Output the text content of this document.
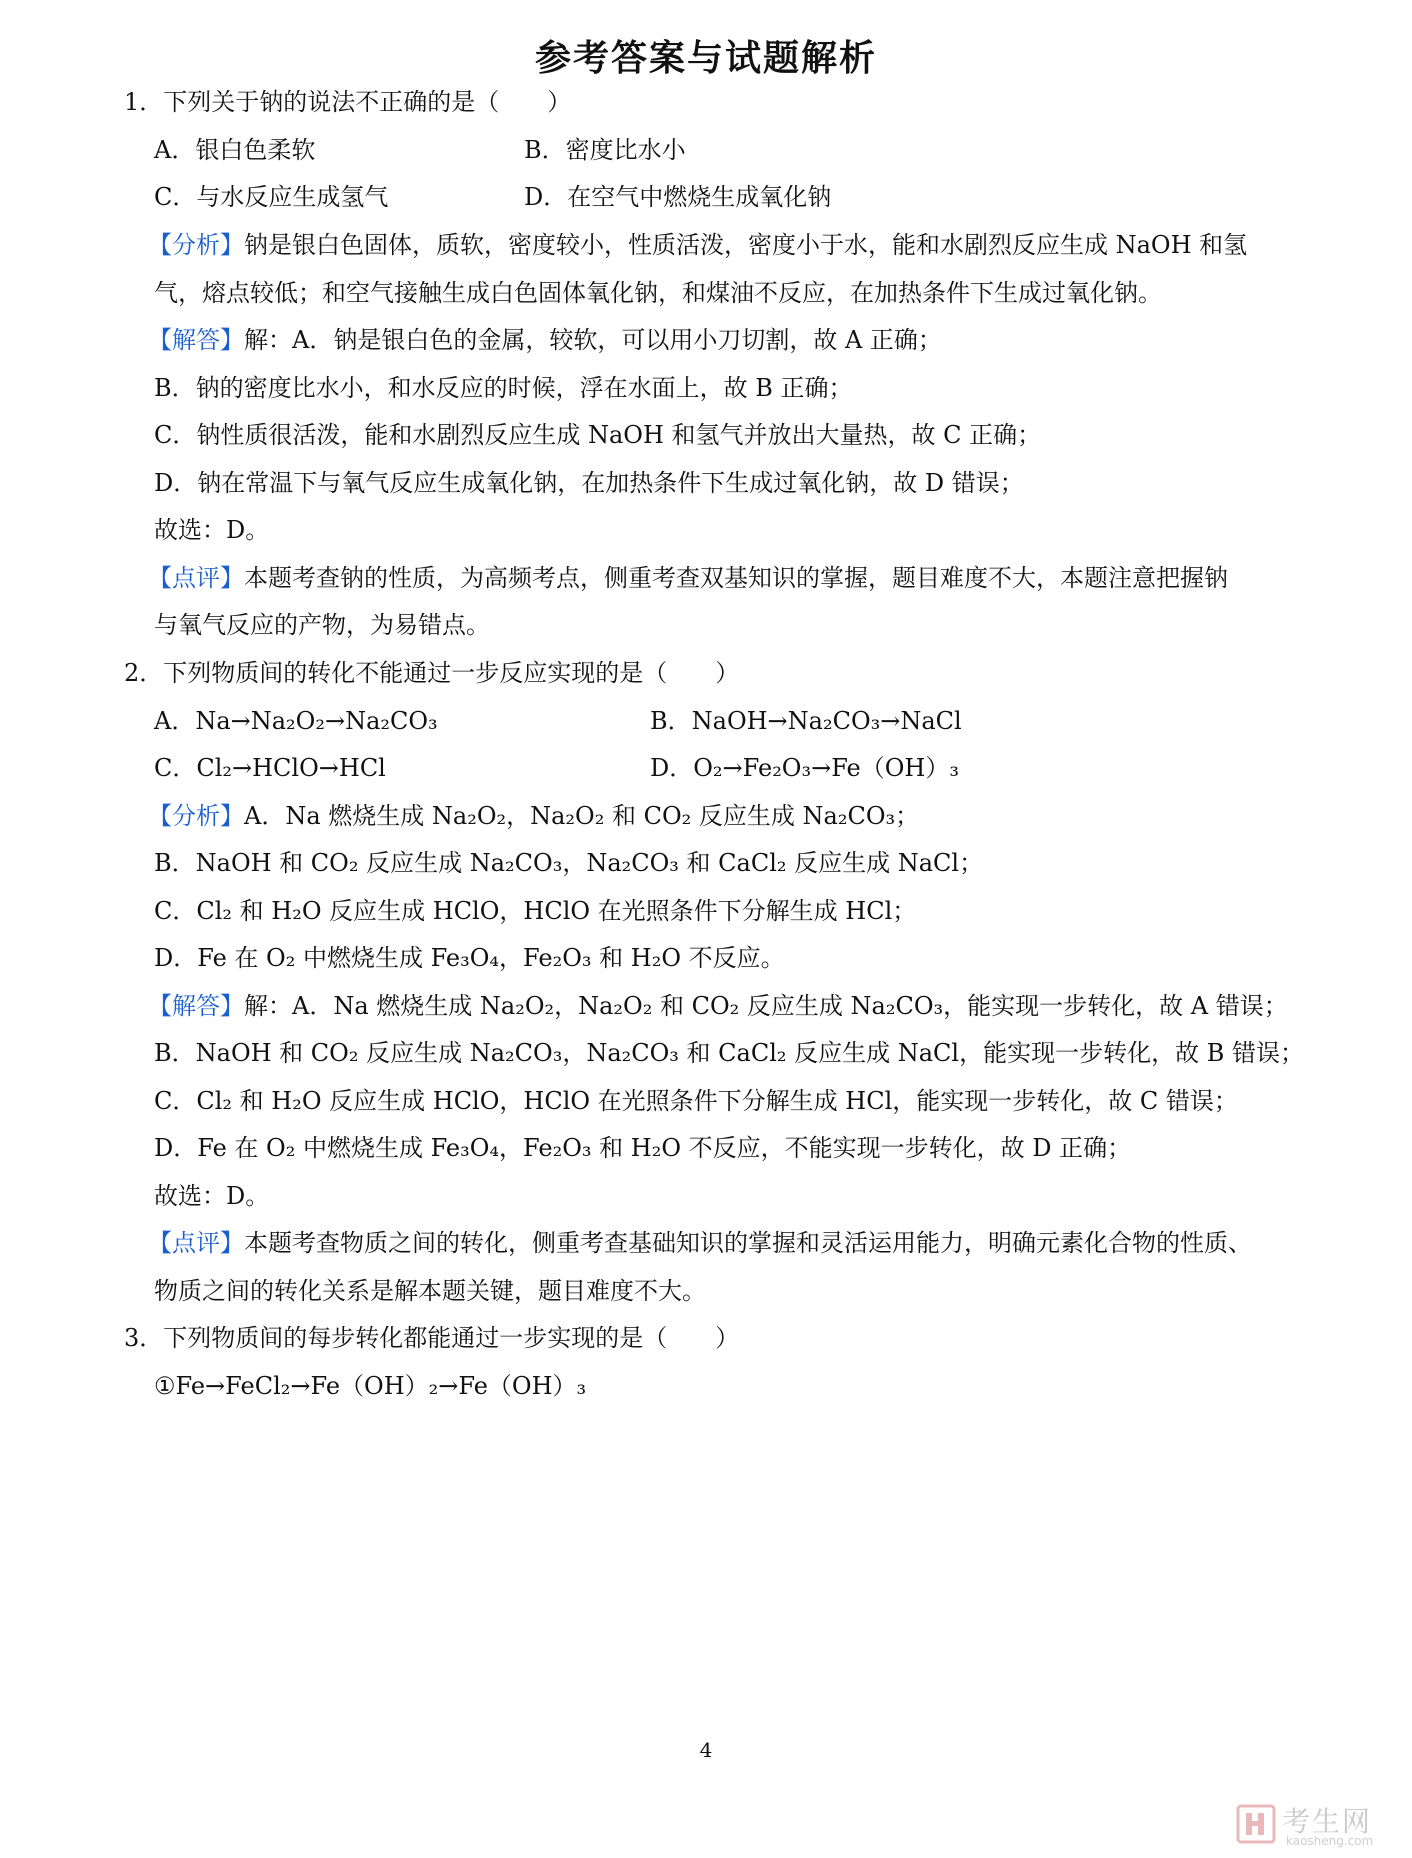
参考答案与试题解析
1．下列关于钠的说法不正确的是（　　）
A．银白色柔软	B．密度比水小
C．与水反应生成氢气	D．在空气中燃烧生成氧化钠
【分析】钠是银白色固体，质软，密度较小，性质活泼，密度小于水，能和水剧烈反应生成 NaOH 和氢
气，熔点较低；和空气接触生成白色固体氧化钠，和煤油不反应，在加热条件下生成过氧化钠。
【解答】解：A．钠是银白色的金属，较软，可以用小刀切割，故 A 正确；
B．钠的密度比水小，和水反应的时候，浮在水面上，故 B 正确；
C．钠性质很活泼，能和水剧烈反应生成 NaOH 和氢气并放出大量热，故 C 正确；
D．钠在常温下与氧气反应生成氧化钠，在加热条件下生成过氧化钠，故 D 错误；
故选：D。
【点评】本题考查钠的性质，为高频考点，侧重考查双基知识的掌握，题目难度不大，本题注意把握钠
与氧气反应的产物，为易错点。
2．下列物质间的转化不能通过一步反应实现的是（　　）
A．Na→Na₂O₂→Na₂CO₃	B．NaOH→Na₂CO₃→NaCl
C．Cl₂→HClO→HCl	D．O₂→Fe₂O₃→Fe（OH）₃
【分析】A．Na 燃烧生成 Na₂O₂，Na₂O₂ 和 CO₂ 反应生成 Na₂CO₃；
B．NaOH 和 CO₂ 反应生成 Na₂CO₃，Na₂CO₃ 和 CaCl₂ 反应生成 NaCl；
C．Cl₂ 和 H₂O 反应生成 HClO，HClO 在光照条件下分解生成 HCl；
D．Fe 在 O₂ 中燃烧生成 Fe₃O₄，Fe₂O₃ 和 H₂O 不反应。
【解答】解：A．Na 燃烧生成 Na₂O₂，Na₂O₂ 和 CO₂ 反应生成 Na₂CO₃，能实现一步转化，故 A 错误；
B．NaOH 和 CO₂ 反应生成 Na₂CO₃，Na₂CO₃ 和 CaCl₂ 反应生成 NaCl，能实现一步转化，故 B 错误；
C．Cl₂ 和 H₂O 反应生成 HClO，HClO 在光照条件下分解生成 HCl，能实现一步转化，故 C 错误；
D．Fe 在 O₂ 中燃烧生成 Fe₃O₄，Fe₂O₃ 和 H₂O 不反应，不能实现一步转化，故 D 正确；
故选：D。
【点评】本题考查物质之间的转化，侧重考查基础知识的掌握和灵活运用能力，明确元素化合物的性质、
物质之间的转化关系是解本题关键，题目难度不大。
3．下列物质间的每步转化都能通过一步实现的是（　　）
①Fe→FeCl₂→Fe（OH）₂→Fe（OH）₃
4
考生网
kaosheng.com
